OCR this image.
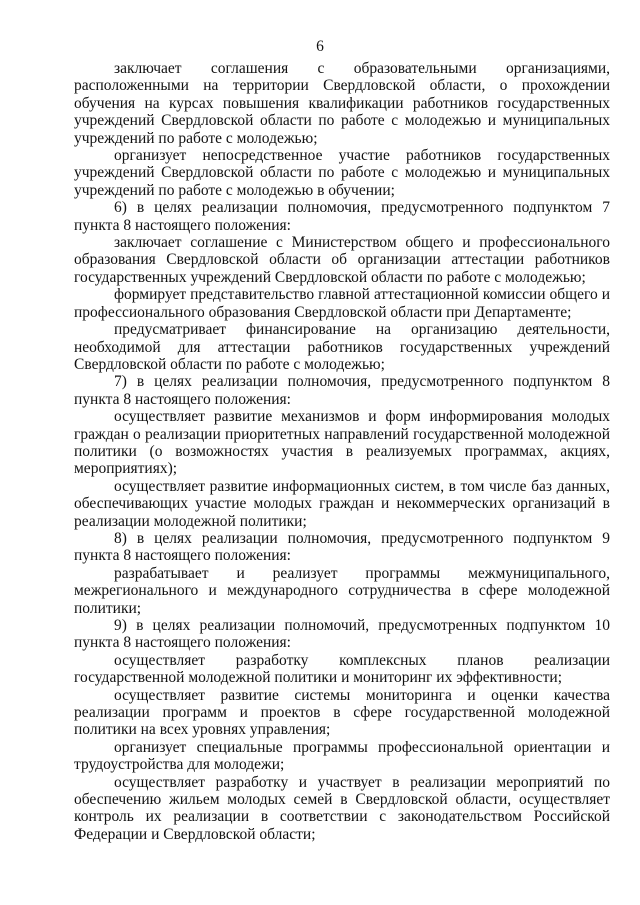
6

заключает соглашения с образовательными организациями, расположенными на территории Свердловской области, о прохождении обучения на курсах повышения квалификации работников государственных учреждений Свердловской области по работе с молодежью и муниципальных учреждений по работе с молодежью;

организует непосредственное участие работников государственных учреждений Свердловской области по работе с молодежью и муниципальных учреждений по работе с молодежью в обучении;

6) в целях реализации полномочия, предусмотренного подпунктом 7 пункта 8 настоящего положения:

заключает соглашение с Министерством общего и профессионального образования Свердловской области об организации аттестации работников государственных учреждений Свердловской области по работе с молодежью;

формирует представительство главной аттестационной комиссии общего и профессионального образования Свердловской области при Департаменте;

предусматривает финансирование на организацию деятельности, необходимой для аттестации работников государственных учреждений Свердловской области по работе с молодежью;

7) в целях реализации полномочия, предусмотренного подпунктом 8 пункта 8 настоящего положения:

осуществляет развитие механизмов и форм информирования молодых граждан о реализации приоритетных направлений государственной молодежной политики (о возможностях участия в реализуемых программах, акциях, мероприятиях);

осуществляет развитие информационных систем, в том числе баз данных, обеспечивающих участие молодых граждан и некоммерческих организаций в реализации молодежной политики;

8) в целях реализации полномочия, предусмотренного подпунктом 9 пункта 8 настоящего положения:

разрабатывает и реализует программы межмуниципального, межрегионального и международного сотрудничества в сфере молодежной политики;

9) в целях реализации полномочий, предусмотренных подпунктом 10 пункта 8 настоящего положения:

осуществляет разработку комплексных планов реализации государственной молодежной политики и мониторинг их эффективности;

осуществляет развитие системы мониторинга и оценки качества реализации программ и проектов в сфере государственной молодежной политики на всех уровнях управления;

организует специальные программы профессиональной ориентации и трудоустройства для молодежи;

осуществляет разработку и участвует в реализации мероприятий по обеспечению жильем молодых семей в Свердловской области, осуществляет контроль их реализации в соответствии с законодательством Российской Федерации и Свердловской области;
